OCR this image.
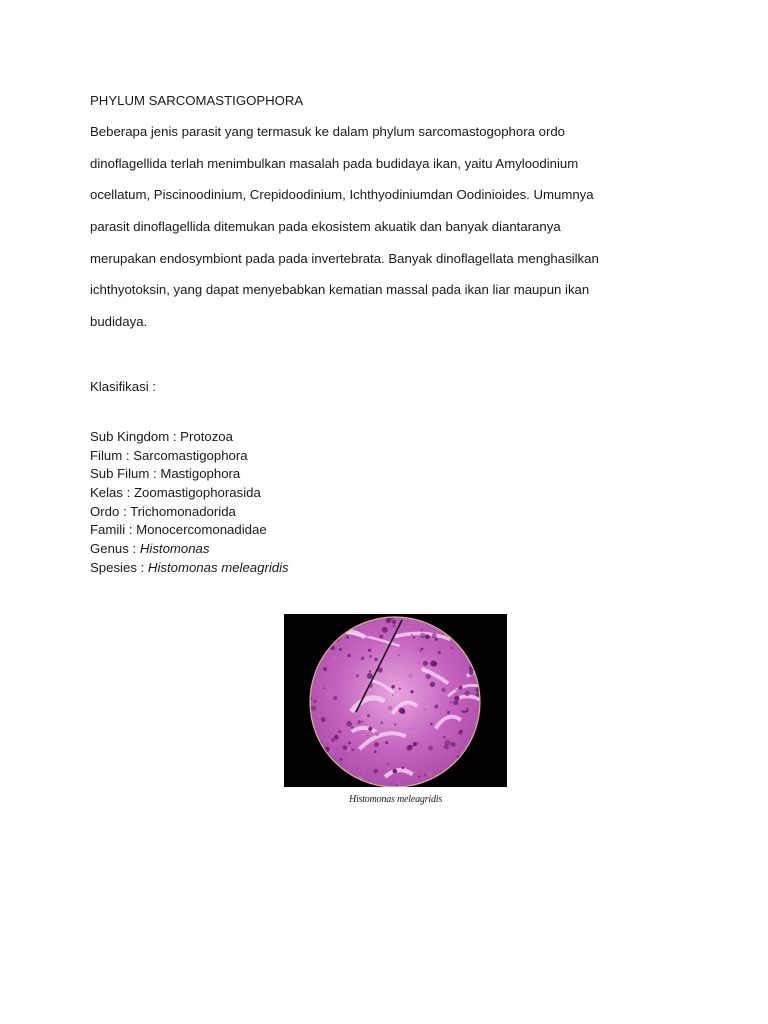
PHYLUM SARCOMASTIGOPHORA
Beberapa jenis parasit yang termasuk ke dalam phylum sarcomastogophora ordo
dinoflagellida terlah menimbulkan masalah pada budidaya ikan, yaitu Amyloodinium
ocellatum, Piscinoodinium, Crepidoodinium, Ichthyodiniumdan Oodinioides. Umumnya
parasit dinoflagellida ditemukan pada ekosistem akuatik dan banyak diantaranya
merupakan endosymbiont pada pada invertebrata. Banyak dinoflagellata menghasilkan
ichthyotoksin, yang dapat menyebabkan kematian massal pada ikan liar maupun ikan
budidaya.
Klasifikasi :
Sub Kingdom : Protozoa
Filum : Sarcomastigophora
Sub Filum : Mastigophora
Kelas : Zoomastigophorasida
Ordo : Trichomonadorida
Famili : Monocercomonadidae
Genus : Histomonas
Spesies : Histomonas meleagridis
Histomonas meleagridis
